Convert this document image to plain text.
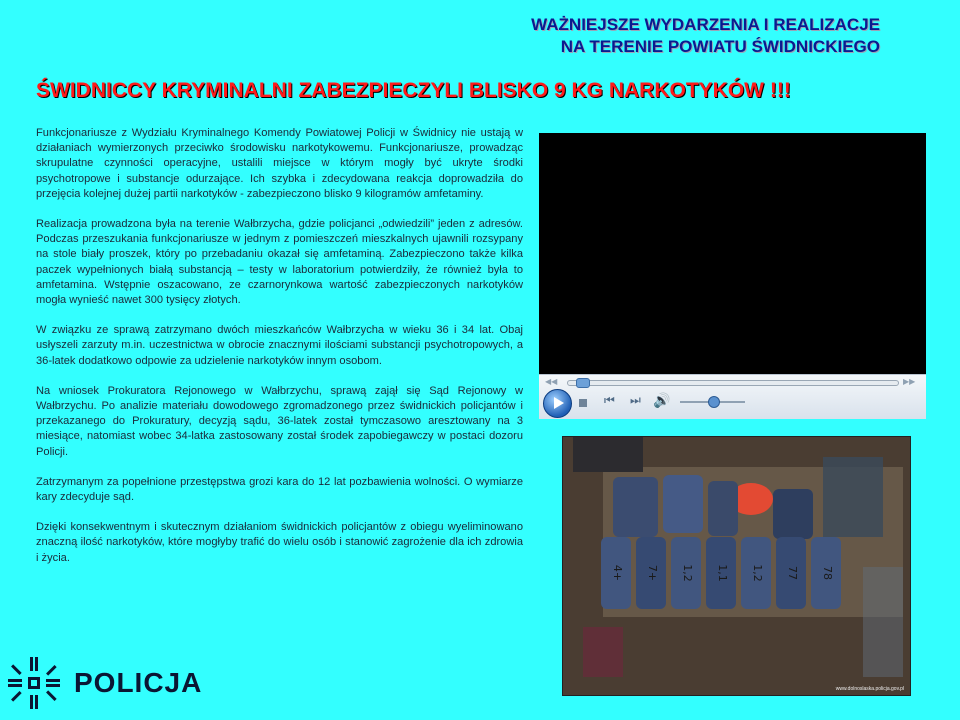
WAŻNIEJSZE WYDARZENIA I REALIZACJE
NA TERENIE POWIATU ŚWIDNICKIEGO
ŚWIDNICCY KRYMINALNI ZABEZPIECZYLI BLISKO 9 KG NARKOTYKÓW !!!

Funkcjonariusze z Wydziału Kryminalnego Komendy Powiatowej Policji w Świdnicy nie ustają w działaniach wymierzonych przeciwko środowisku narkotykowemu. Funkcjonariusze, prowadząc skrupulatne czynności operacyjne, ustalili miejsce w którym mogły być ukryte środki psychotropowe i substancje odurzające. Ich szybka i zdecydowana reakcja doprowadziła do przejęcia kolejnej dużej partii narkotyków - zabezpieczono blisko 9 kilogramów amfetaminy.

Realizacja prowadzona była na terenie Wałbrzycha, gdzie policjanci „odwiedzili” jeden z adresów. Podczas przeszukania funkcjonariusze w jednym z pomieszczeń mieszkalnych ujawnili rozsypany na stole biały proszek, który po przebadaniu okazał się amfetaminą. Zabezpieczono także kilka paczek wypełnionych białą substancją – testy w laboratorium potwierdziły, że również była to amfetamina. Wstępnie oszacowano, ze czarnorynkowa wartość zabezpieczonych narkotyków mogła wynieść nawet 300 tysięcy złotych.

W związku ze sprawą zatrzymano dwóch mieszkańców Wałbrzycha w wieku 36 i 34 lat. Obaj usłyszeli zarzuty m.in. uczestnictwa w obrocie znacznymi ilościami substancji psychotropowych, a 36-latek dodatkowo odpowie za udzielenie narkotyków innym osobom.

Na wniosek Prokuratora Rejonowego w Wałbrzychu, sprawą zajął się Sąd Rejonowy w Wałbrzychu. Po analizie materiału dowodowego zgromadzonego przez świdnickich policjantów i przekazanego do Prokuratury, decyzją sądu, 36-latek został tymczasowo aresztowany na 3 miesiące, natomiast wobec 34-latka zastosowany został środek zapobiegawczy w postaci dozoru Policji.

Zatrzymanym za popełnione przestępstwa grozi kara do 12 lat pozbawienia wolności. O wymiarze kary zdecyduje sąd.

Dzięki konsekwentnym i skutecznym działaniom świdnickich policjantów z obiegu wyeliminowano znaczną ilość narkotyków, które mogłyby trafić do wielu osób i stanowić zagrożenie dla ich zdrowia i życia.

◀◀	▶▶
⏮ ⏭ 🔊
4+ 7+ 1,2 1,1 1,2 77 78
www.dolnoslaska.policja.gov.pl
POLICJA
